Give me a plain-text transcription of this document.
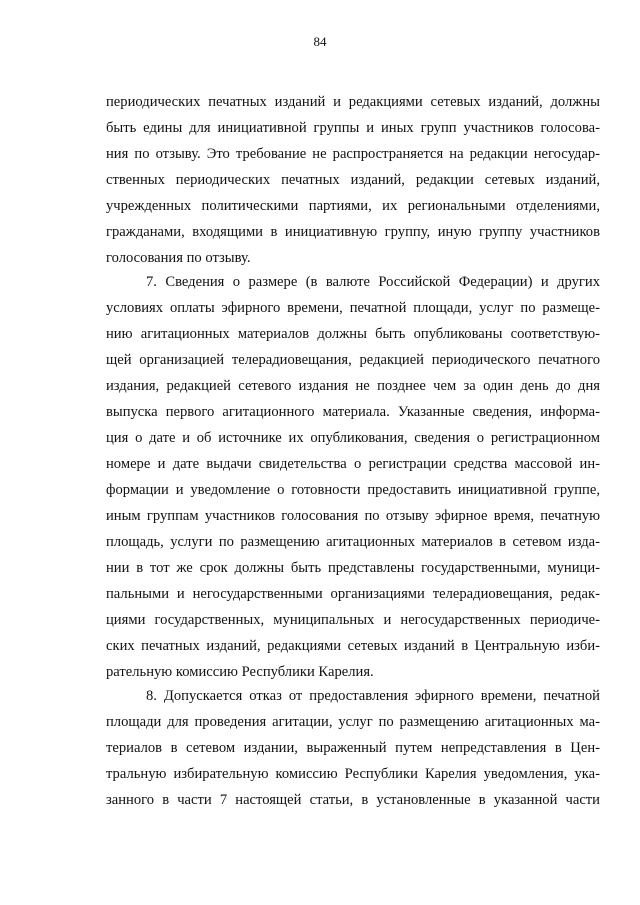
84
периодических печатных изданий и редакциями сетевых изданий, должны
быть едины для инициативной группы и иных групп участников голосова-
ния по отзыву. Это требование не распространяется на редакции негосудар-
ственных периодических печатных изданий, редакции сетевых изданий,
учрежденных политическими партиями, их региональными отделениями,
гражданами, входящими в инициативную группу, иную группу участников
голосования по отзыву.
7. Сведения о размере (в валюте Российской Федерации) и других
условиях оплаты эфирного времени, печатной площади, услуг по размеще-
нию агитационных материалов должны быть опубликованы соответствую-
щей организацией телерадиовещания, редакцией периодического печатного
издания, редакцией сетевого издания не позднее чем за один день до дня
выпуска первого агитационного материала. Указанные сведения, информа-
ция о дате и об источнике их опубликования, сведения о регистрационном
номере и дате выдачи свидетельства о регистрации средства массовой ин-
формации и уведомление о готовности предоставить инициативной группе,
иным группам участников голосования по отзыву эфирное время, печатную
площадь, услуги по размещению агитационных материалов в сетевом изда-
нии в тот же срок должны быть представлены государственными, муници-
пальными и негосударственными организациями телерадиовещания, редак-
циями государственных, муниципальных и негосударственных периодиче-
ских печатных изданий, редакциями сетевых изданий в Центральную изби-
рательную комиссию Республики Карелия.
8. Допускается отказ от предоставления эфирного времени, печатной
площади для проведения агитации, услуг по размещению агитационных ма-
териалов в сетевом издании, выраженный путем непредставления в Цен-
тральную избирательную комиссию Республики Карелия уведомления, ука-
занного в части 7 настоящей статьи, в установленные в указанной части
